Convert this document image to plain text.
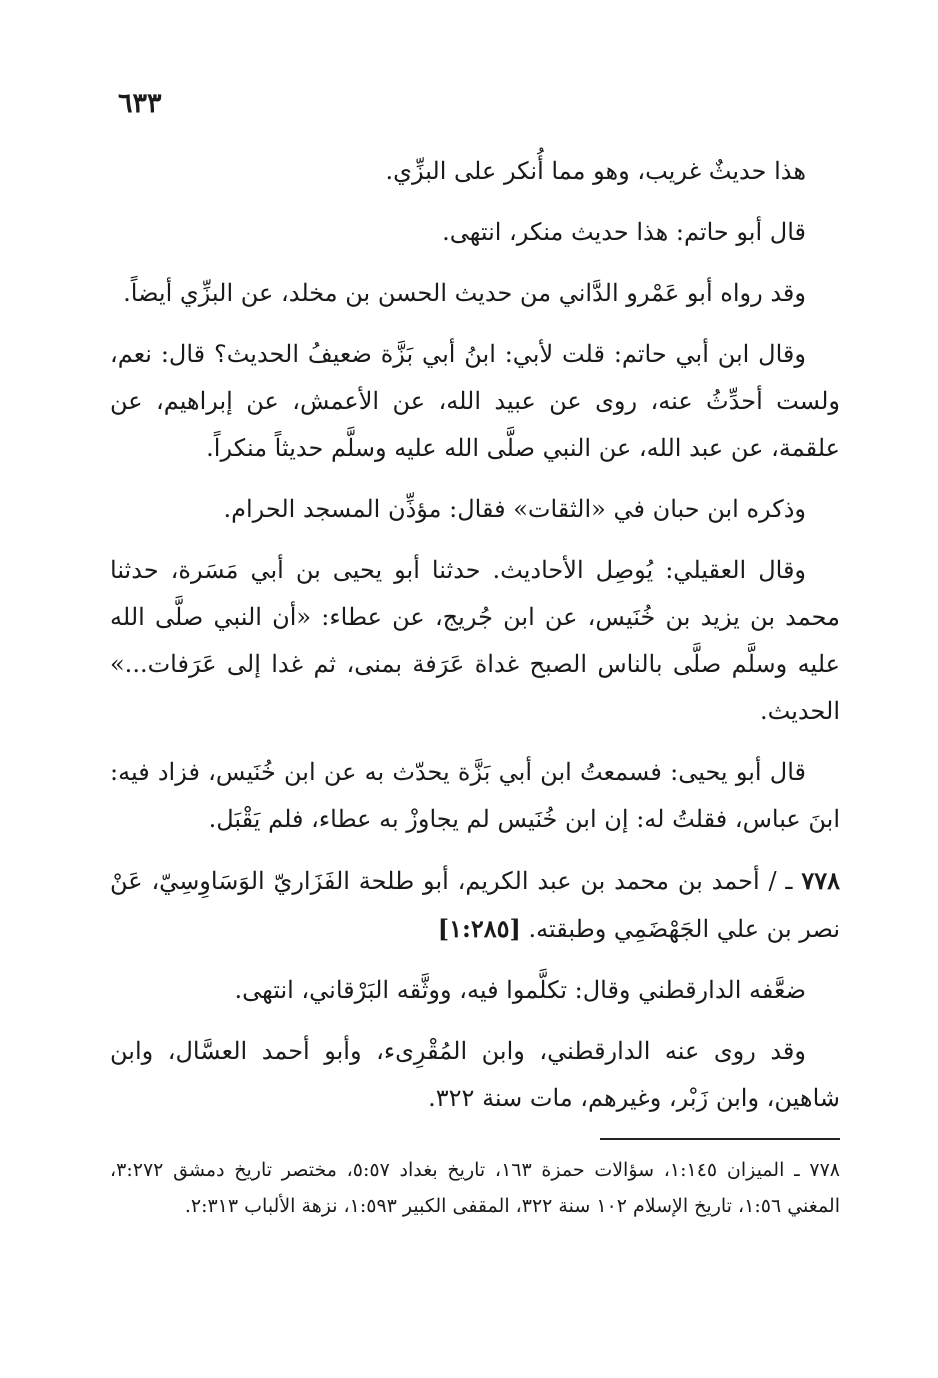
٦٣٣

هذا حديثٌ غريب، وهو مما أُنكر على البزِّي.

قال أبو حاتم: هذا حديث منكر، انتهى.

وقد رواه أبو عَمْرو الدَّاني من حديث الحسن بن مخلد، عن البزِّي أيضاً.

وقال ابن أبي حاتم: قلت لأبي: ابنُ أبي بَزَّة ضعيفُ الحديث؟ قال: نعم، ولست أحدِّثُ عنه، روى عن عبيد الله، عن الأعمش، عن إبراهيم، عن علقمة، عن عبد الله، عن النبي صلَّى الله عليه وسلَّم حديثاً منكراً.

وذكره ابن حبان في «الثقات» فقال: مؤذِّن المسجد الحرام.

وقال العقيلي: يُوصِل الأحاديث. حدثنا أبو يحيى بن أبي مَسَرة، حدثنا محمد بن يزيد بن خُنَيس، عن ابن جُريج، عن عطاء: «أن النبي صلَّى الله عليه وسلَّم صلَّى بالناس الصبح غداة عَرَفة بمنى، ثم غدا إلى عَرَفات...» الحديث.

قال أبو يحيى: فسمعتُ ابن أبي بَزَّة يحدّث به عن ابن خُنَيس، فزاد فيه: ابنَ عباس، فقلتُ له: إن ابن خُنَيس لم يجاوزْ به عطاء، فلم يَقْبَل.

٧٧٨ ـ / أحمد بن محمد بن عبد الكريم، أبو طلحة الفَزَاريّ الوَسَاوِسِيّ، عَنْ نصر بن علي الجَهْضَمِي وطبقته. [١:٢٨٥]

ضعَّفه الدارقطني وقال: تكلَّموا فيه، ووثَّقه البَرْقاني، انتهى.

وقد روى عنه الدارقطني، وابن المُقْرِىء، وأبو أحمد العسَّال، وابن شاهين، وابن زَبْر، وغيرهم، مات سنة ٣٢٢.

٧٧٨ ـ الميزان ١:١٤٥، سؤالات حمزة ١٦٣، تاريخ بغداد ٥:٥٧، مختصر تاريخ دمشق ٣:٢٧٢، المغني ١:٥٦، تاريخ الإسلام ١٠٢ سنة ٣٢٢، المقفى الكبير ١:٥٩٣، نزهة الألباب ٢:٣١٣.
